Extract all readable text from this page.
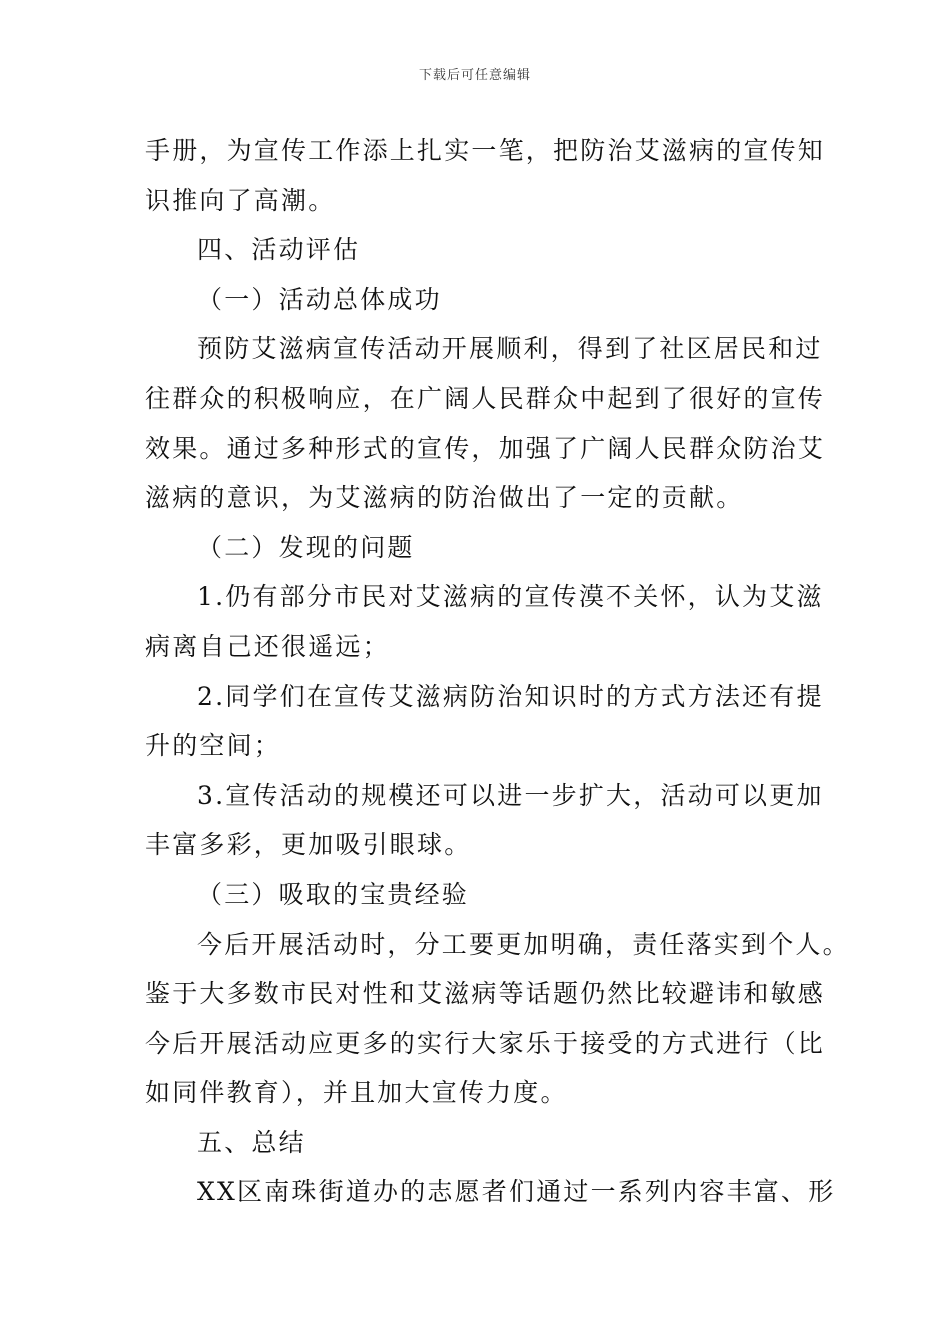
下载后可任意编辑
手册，为宣传工作添上扎实一笔，把防治艾滋病的宣传知
识推向了高潮。
四、活动评估
（一）活动总体成功
预防艾滋病宣传活动开展顺利，得到了社区居民和过
往群众的积极响应，在广阔人民群众中起到了很好的宣传
效果。通过多种形式的宣传，加强了广阔人民群众防治艾
滋病的意识，为艾滋病的防治做出了一定的贡献。
（二）发现的问题
1.仍有部分市民对艾滋病的宣传漠不关怀，认为艾滋
病离自己还很遥远；
2.同学们在宣传艾滋病防治知识时的方式方法还有提
升的空间；
3.宣传活动的规模还可以进一步扩大，活动可以更加
丰富多彩，更加吸引眼球。
（三）吸取的宝贵经验
今后开展活动时，分工要更加明确，责任落实到个人。
鉴于大多数市民对性和艾滋病等话题仍然比较避讳和敏感
今后开展活动应更多的实行大家乐于接受的方式进行（比
如同伴教育），并且加大宣传力度。
五、总结
XX区南珠街道办的志愿者们通过一系列内容丰富、形
